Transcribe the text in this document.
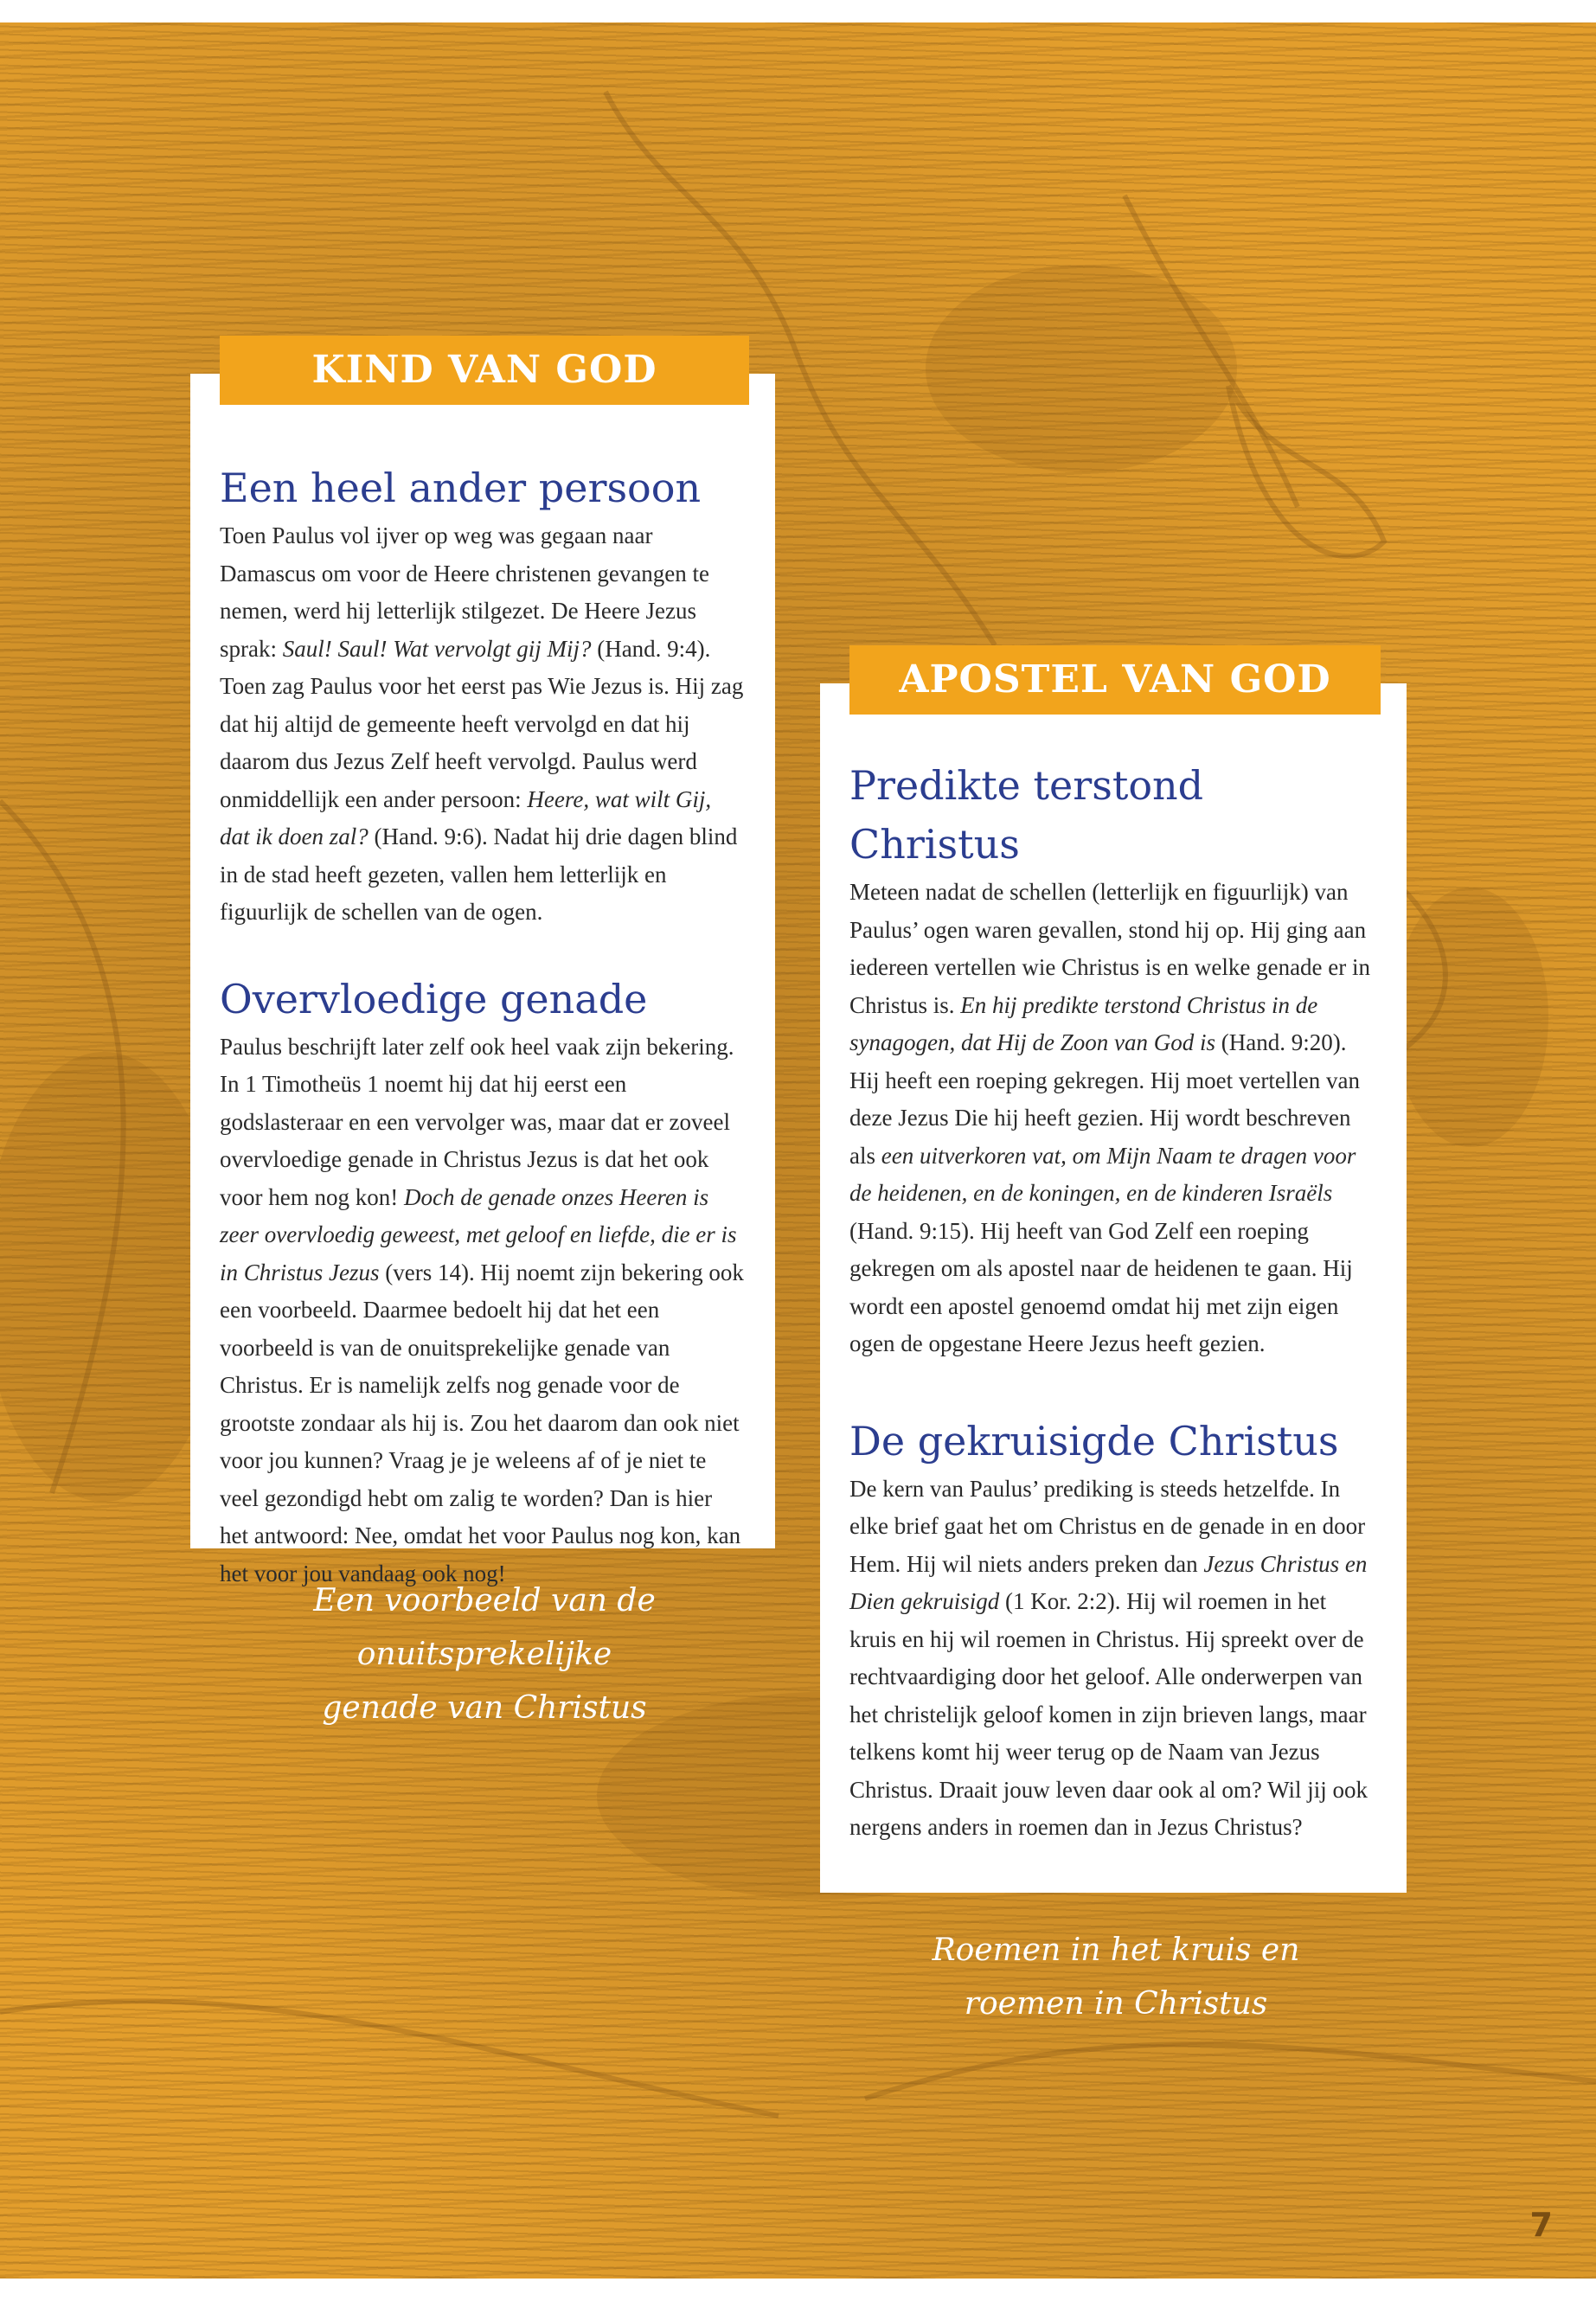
Een heel ander persoon

Toen Paulus vol ijver op weg was gegaan naar Damascus om voor de Heere christenen gevangen te nemen, werd hij letterlijk stilgezet. De Heere Jezus sprak: Saul! Saul! Wat vervolgt gij Mij? (Hand. 9:4). Toen zag Paulus voor het eerst pas Wie Jezus is. Hij zag dat hij altijd de gemeente heeft vervolgd en dat hij daarom dus Jezus Zelf heeft vervolgd. Paulus werd onmiddellijk een ander persoon: Heere, wat wilt Gij, dat ik doen zal? (Hand. 9:6). Nadat hij drie dagen blind in de stad heeft gezeten, vallen hem letterlijk en figuurlijk de schellen van de ogen.

Overvloedige genade

Paulus beschrijft later zelf ook heel vaak zijn bekering. In 1 Timotheüs 1 noemt hij dat hij eerst een godslasteraar en een vervolger was, maar dat er zoveel overvloedige genade in Christus Jezus is dat het ook voor hem nog kon! Doch de genade onzes Heeren is zeer overvloedig geweest, met geloof en liefde, die er is in Christus Jezus (vers 14). Hij noemt zijn bekering ook een voorbeeld. Daarmee bedoelt hij dat het een voorbeeld is van de onuitsprekelijke genade van Christus. Er is namelijk zelfs nog genade voor de grootste zondaar als hij is. Zou het daarom dan ook niet voor jou kunnen? Vraag je je weleens af of je niet te veel gezondigd hebt om zalig te worden? Dan is hier het antwoord: Nee, omdat het voor Paulus nog kon, kan het voor jou vandaag ook nog!

KIND VAN GOD
Een voorbeeld van de
onuitsprekelijke
genade van Christus
Predikte terstond Christus

Meteen nadat de schellen (letterlijk en figuurlijk) van Paulus’ ogen waren gevallen, stond hij op. Hij ging aan iedereen vertellen wie Christus is en welke genade er in Christus is. En hij predikte terstond Christus in de synagogen, dat Hij de Zoon van God is (Hand. 9:20). Hij heeft een roeping gekregen. Hij moet vertellen van deze Jezus Die hij heeft gezien. Hij wordt beschreven als een uitverkoren vat, om Mijn Naam te dragen voor de heidenen, en de koningen, en de kinderen Israëls (Hand. 9:15). Hij heeft van God Zelf een roeping gekregen om als apostel naar de heidenen te gaan. Hij wordt een apostel genoemd omdat hij met zijn eigen ogen de opgestane Heere Jezus heeft gezien.

De gekruisigde Christus

De kern van Paulus’ prediking is steeds hetzelfde. In elke brief gaat het om Christus en de genade in en door Hem. Hij wil niets anders preken dan Jezus Christus en Dien gekruisigd (1 Kor. 2:2). Hij wil roemen in het kruis en hij wil roemen in Christus. Hij spreekt over de rechtvaardiging door het geloof. Alle onderwerpen van het christelijk geloof komen in zijn brieven langs, maar telkens komt hij weer terug op de Naam van Jezus Christus. Draait jouw leven daar ook al om? Wil jij ook nergens anders in roemen dan in Jezus Christus?

APOSTEL VAN GOD
Roemen in het kruis en
roemen in Christus
7
